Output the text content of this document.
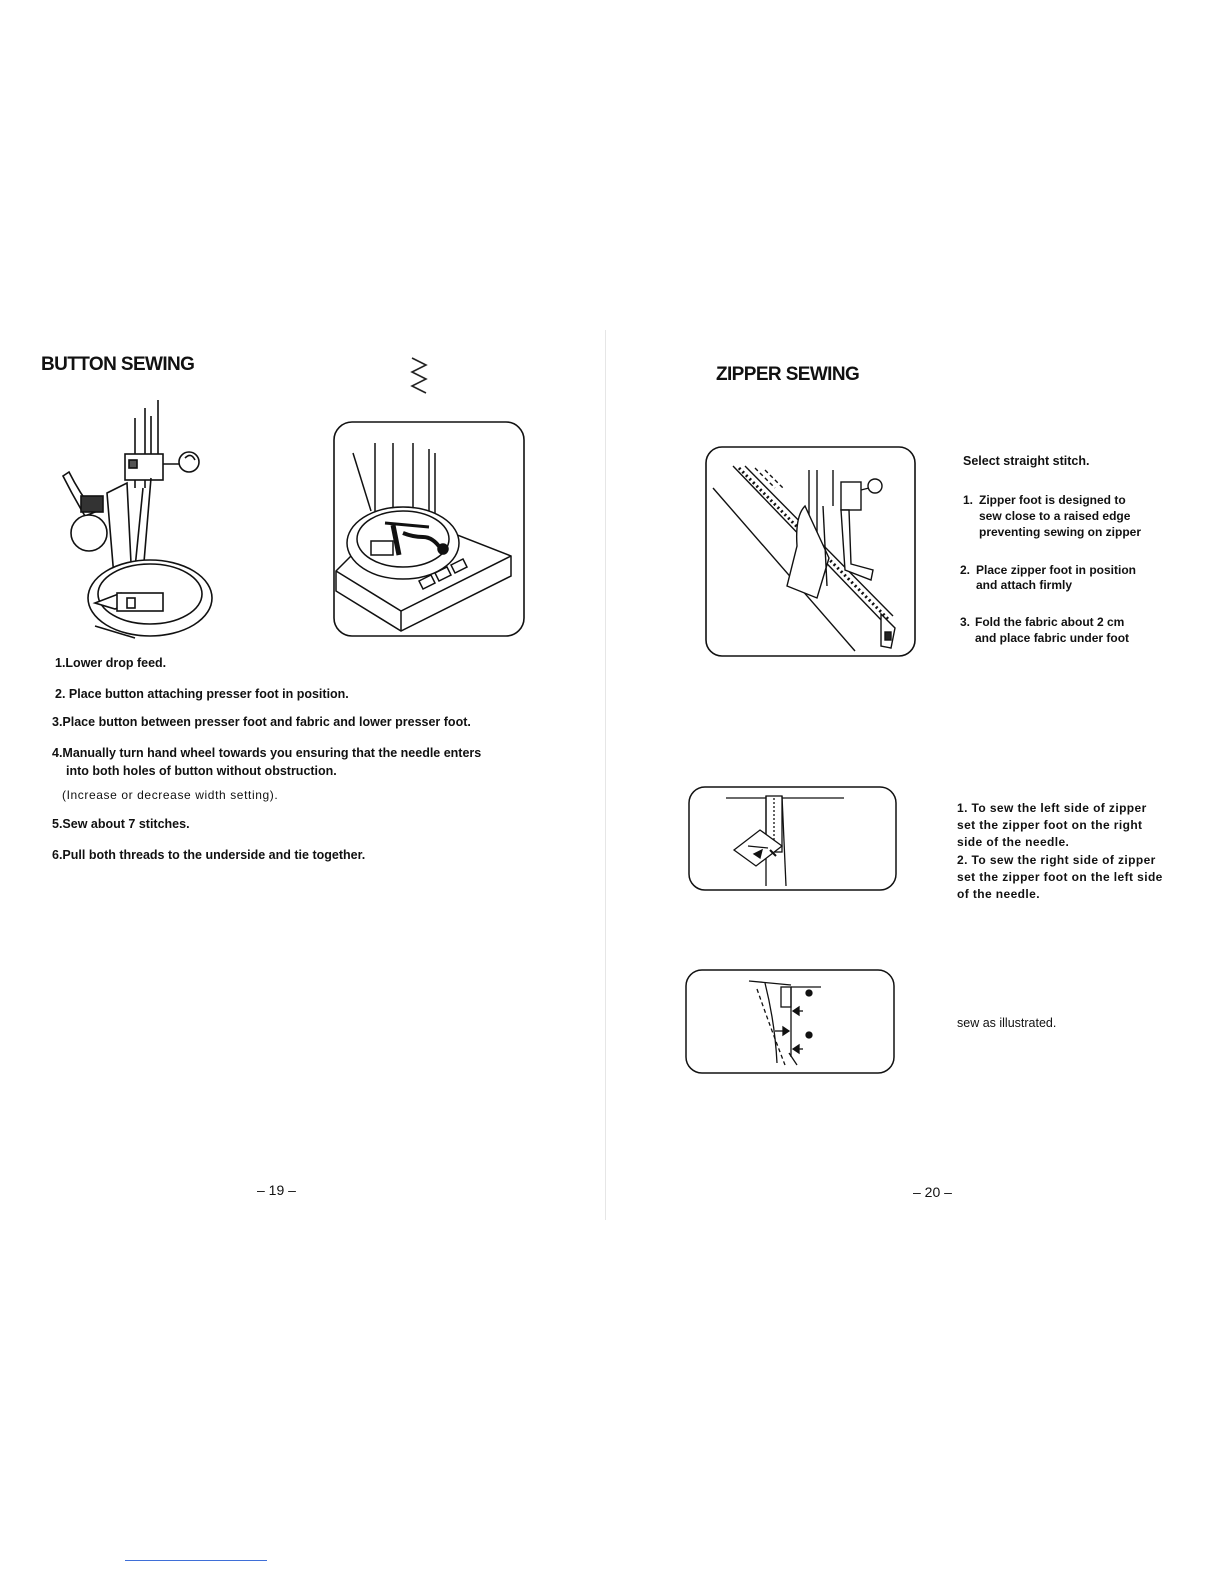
BUTTON SEWING
1.Lower drop feed.
2. Place button attaching presser foot in position.
3.Place button between presser foot and fabric and lower presser foot.
4.Manually turn hand wheel towards you ensuring that the needle enters
into both holes of button without obstruction.
(Increase or decrease width setting).
5.Sew about 7 stitches.
6.Pull both threads to the underside and tie together.
– 19 –
ZIPPER SEWING
Select straight stitch.
1. Zipper foot is designed to
sew close to a raised edge
preventing sewing on zipper
2. Place zipper foot in position
and attach firmly
3. Fold the fabric about 2 cm
and place fabric under foot
1. To sew the left side of zipper
set the zipper foot on the right
side of the needle.
2. To sew the right side of zipper
set the zipper foot on the left side
of the needle.
sew as illustrated.
– 20 –
